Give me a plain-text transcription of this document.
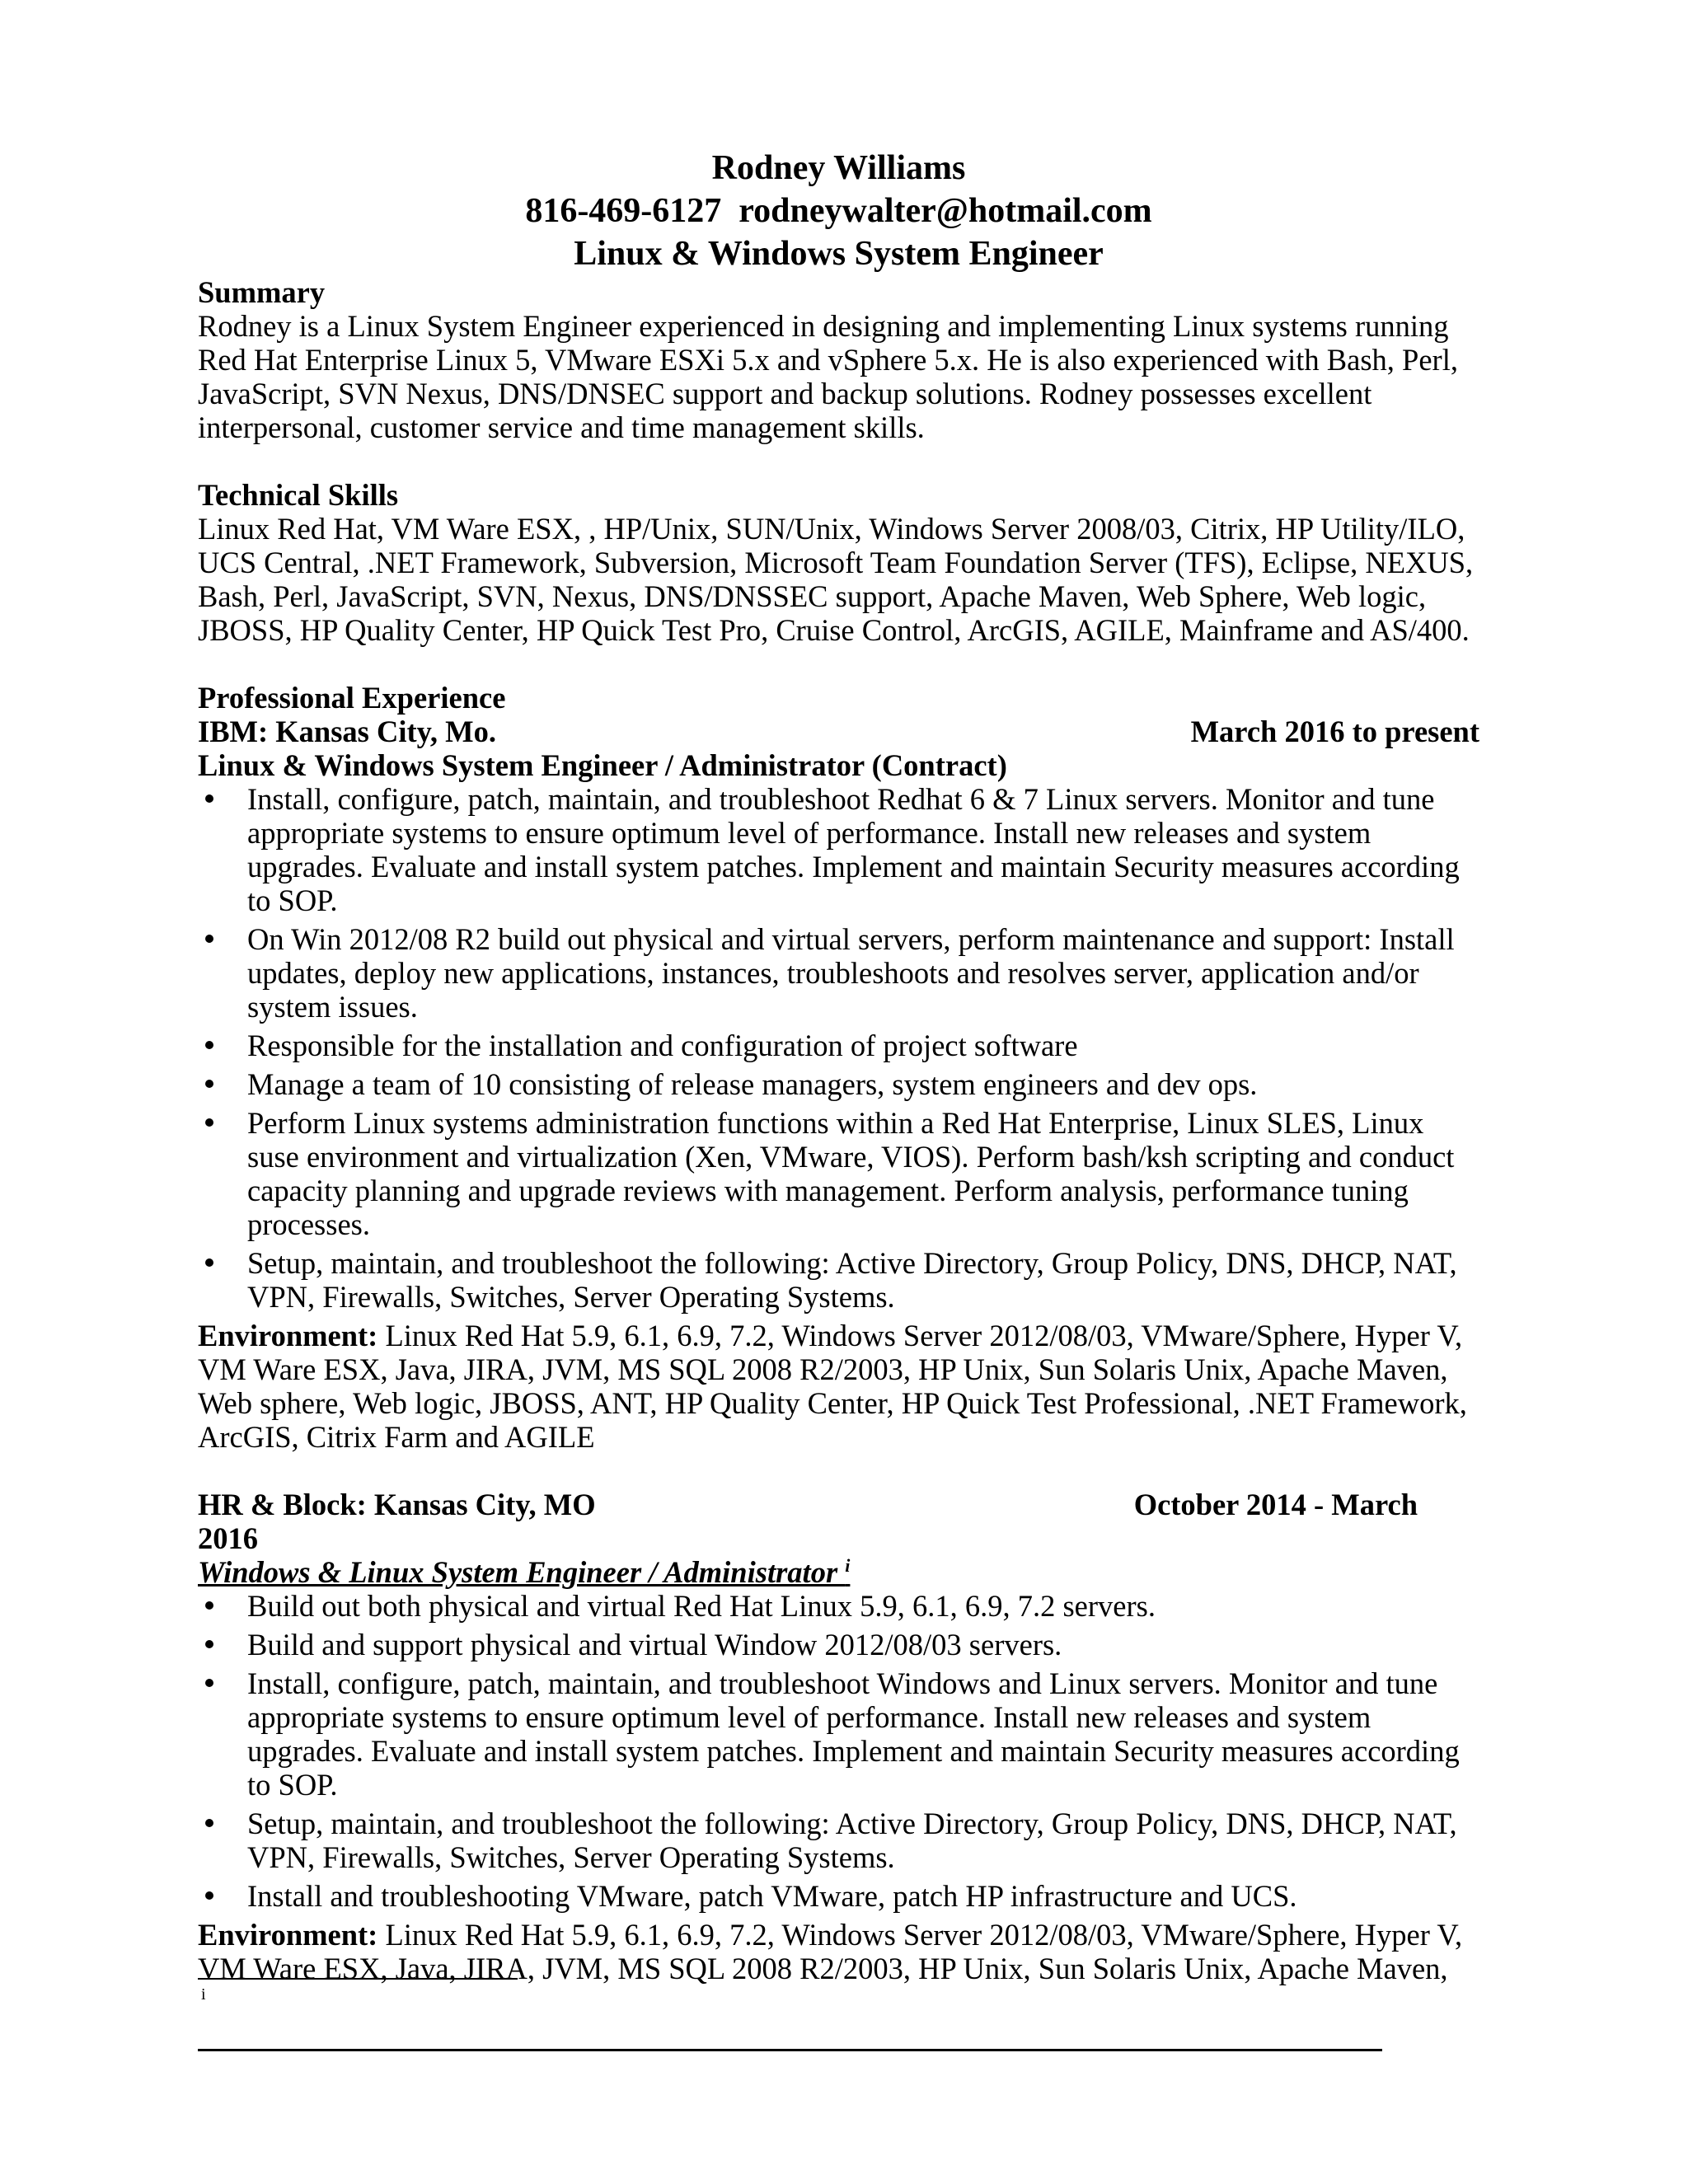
Rodney Williams
816-469-6127  rodneywalter@hotmail.com
Linux & Windows System Engineer

Summary

Rodney is a Linux System Engineer experienced in designing and implementing Linux systems running Red Hat Enterprise Linux 5, VMware ESXi 5.x and vSphere 5.x. He is also experienced with Bash, Perl, JavaScript, SVN Nexus, DNS/DNSEC support and backup solutions. Rodney possesses excellent interpersonal, customer service and time management skills.

Technical Skills

Linux Red Hat, VM Ware ESX, , HP/Unix, SUN/Unix, Windows Server 2008/03, Citrix, HP Utility/ILO, UCS Central, .NET Framework, Subversion, Microsoft Team Foundation Server (TFS), Eclipse, NEXUS, Bash, Perl, JavaScript, SVN, Nexus, DNS/DNSSEC support, Apache Maven, Web Sphere, Web logic, JBOSS, HP Quality Center, HP Quick Test Pro, Cruise Control, ArcGIS, AGILE, Mainframe and AS/400.

Professional Experience

IBM: Kansas City, Mo.	March 2016 to present

Linux & Windows System Engineer / Administrator (Contract)

Install, configure, patch, maintain, and troubleshoot Redhat 6 & 7 Linux servers. Monitor and tune appropriate systems to ensure optimum level of performance. Install new releases and system upgrades. Evaluate and install system patches. Implement and maintain Security measures according to SOP.
On Win 2012/08 R2 build out physical and virtual servers, perform maintenance and support: Install updates, deploy new applications, instances, troubleshoots and resolves server, application and/or system issues.
Responsible for the installation and configuration of project software
Manage a team of 10 consisting of release managers, system engineers and dev ops.
Perform Linux systems administration functions within a Red Hat Enterprise, Linux SLES, Linux suse environment and virtualization (Xen, VMware, VIOS). Perform bash/ksh scripting and conduct capacity planning and upgrade reviews with management. Perform analysis, performance tuning processes.
Setup, maintain, and troubleshoot the following: Active Directory, Group Policy, DNS, DHCP, NAT, VPN, Firewalls, Switches, Server Operating Systems.

Environment: Linux Red Hat 5.9, 6.1, 6.9, 7.2, Windows Server 2012/08/03, VMware/Sphere, Hyper V, VM Ware ESX, Java, JIRA, JVM, MS SQL 2008 R2/2003, HP Unix, Sun Solaris Unix, Apache Maven, Web sphere, Web logic, JBOSS, ANT, HP Quality Center, HP Quick Test Professional, .NET Framework, ArcGIS, Citrix Farm and AGILE

HR & Block: Kansas City, MO	October 2014 - March

2016

Windows & Linux System Engineer / Administrator $^i$

Build out both physical and virtual Red Hat Linux 5.9, 6.1, 6.9, 7.2 servers.
Build and support physical and virtual Window 2012/08/03 servers.
Install, configure, patch, maintain, and troubleshoot Windows and Linux servers. Monitor and tune appropriate systems to ensure optimum level of performance. Install new releases and system upgrades. Evaluate and install system patches. Implement and maintain Security measures according to SOP.
Setup, maintain, and troubleshoot the following: Active Directory, Group Policy, DNS, DHCP, NAT, VPN, Firewalls, Switches, Server Operating Systems.
Install and troubleshooting VMware, patch VMware, patch HP infrastructure and UCS.

Environment: Linux Red Hat 5.9, 6.1, 6.9, 7.2, Windows Server 2012/08/03, VMware/Sphere, Hyper V, VM Ware ESX, Java, JIRA, JVM, MS SQL 2008 R2/2003, HP Unix, Sun Solaris Unix, Apache Maven,

i
